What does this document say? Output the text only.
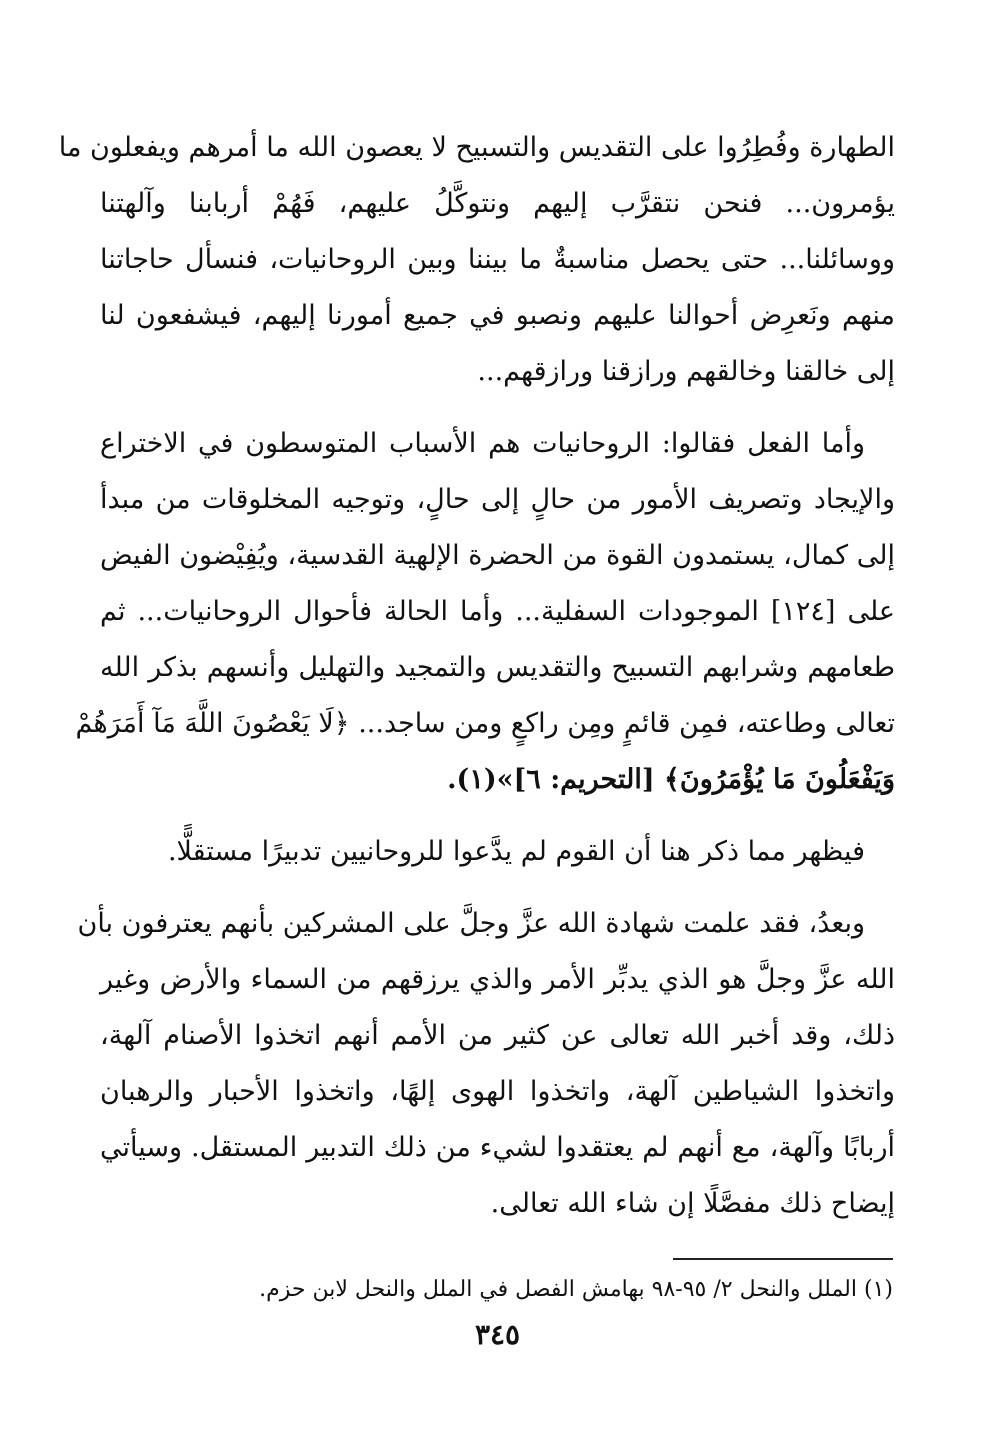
الطهارة وفُطِرُوا على التقديس والتسبيح لا يعصون الله ما أمرهم ويفعلون ما
يؤمرون... فنحن نتقرَّب إليهم ونتوكَّلُ عليهم، فَهُمْ أربابنا وآلهتنا
ووسائلنا... حتى يحصل مناسبةٌ ما بيننا وبين الروحانيات، فنسأل حاجاتنا
منهم ونَعرِض أحوالنا عليهم ونصبو في جميع أمورنا إليهم، فيشفعون لنا
إلى خالقنا وخالقهم ورازقنا ورازقهم...

وأما الفعل فقالوا: الروحانيات هم الأسباب المتوسطون في الاختراع
والإيجاد وتصريف الأمور من حالٍ إلى حالٍ، وتوجيه المخلوقات من مبدأ
إلى كمال، يستمدون القوة من الحضرة الإلهية القدسية، ويُفِيْضون الفيض
على [١٢٤] الموجودات السفلية... وأما الحالة فأحوال الروحانيات... ثم
طعامهم وشرابهم التسبيح والتقديس والتمجيد والتهليل وأنسهم بذكر الله
تعالى وطاعته، فمِن قائمٍ ومِن راكعٍ ومن ساجد... ﴿لَا يَعْصُونَ اللَّهَ مَآ أَمَرَهُمْ
وَيَفْعَلُونَ مَا يُؤْمَرُونَ﴾ [التحريم: ٦]»(١).

فيظهر مما ذكر هنا أن القوم لم يدَّعوا للروحانيين تدبيرًا مستقلًّا.

وبعدُ، فقد علمت شهادة الله عزَّ وجلَّ على المشركين بأنهم يعترفون بأن
الله عزَّ وجلَّ هو الذي يدبِّر الأمر والذي يرزقهم من السماء والأرض وغير
ذلك، وقد أخبر الله تعالى عن كثير من الأمم أنهم اتخذوا الأصنام آلهة،
واتخذوا الشياطين آلهة، واتخذوا الهوى إلهًا، واتخذوا الأحبار والرهبان
أربابًا وآلهة، مع أنهم لم يعتقدوا لشيء من ذلك التدبير المستقل. وسيأتي
إيضاح ذلك مفصَّلًا إن شاء الله تعالى.

(١) الملل والنحل ٢/ ٩٥-٩٨ بهامش الفصل في الملل والنحل لابن حزم.
٣٤٥
